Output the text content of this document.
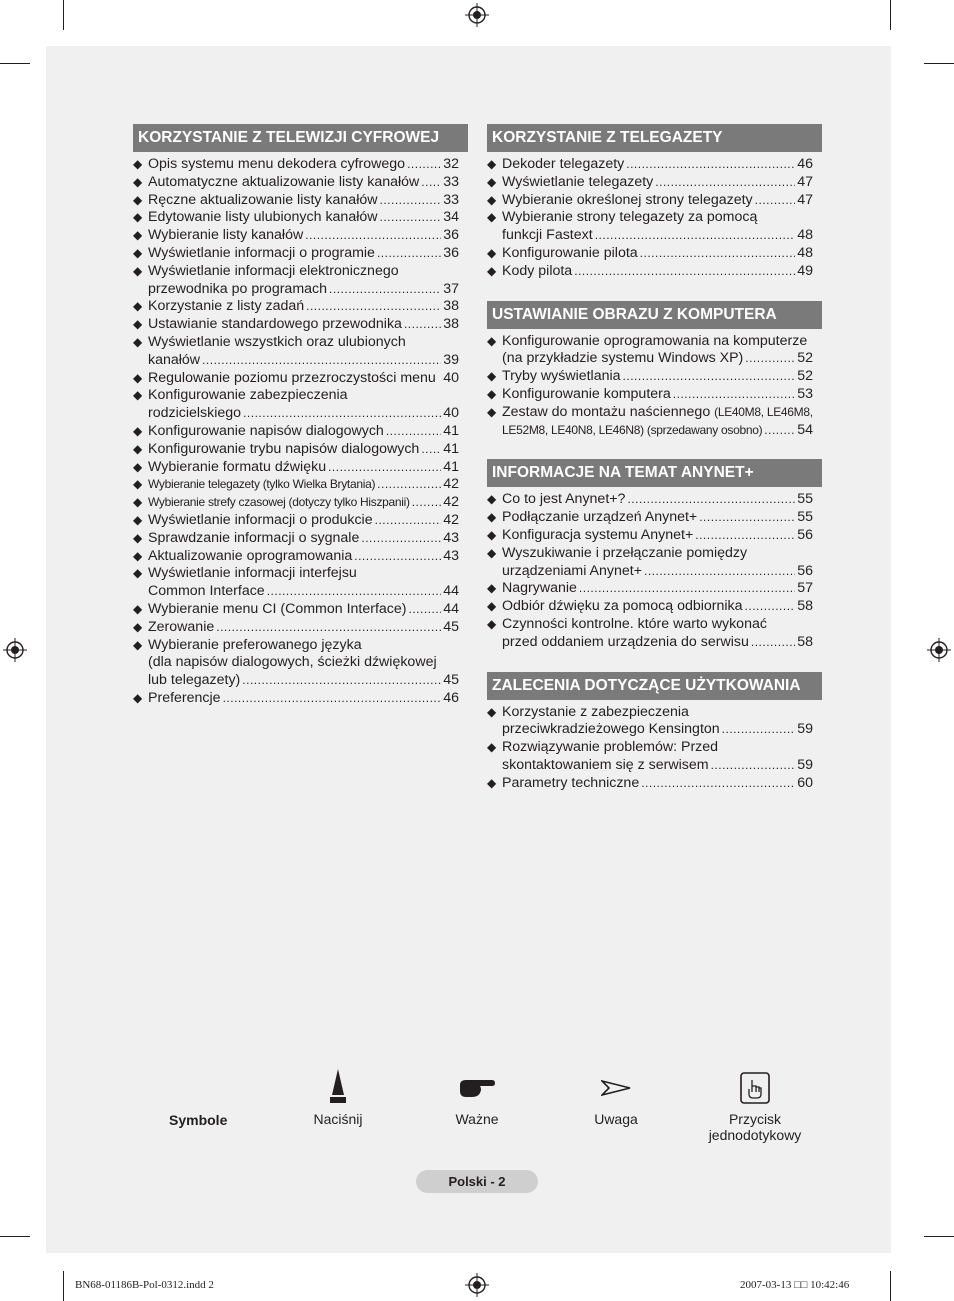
KORZYSTANIE Z TELEWIZJI CYFROWEJ
◆ Opis systemu menu dekodera cyfrowego .....	32
◆ Automatyczne aktualizowanie listy kanałów ..... 33
◆ Ręczne aktualizowanie listy kanałów .....	33
◆ Edytowanie listy ulubionych kanałów .....	34
◆ Wybieranie listy kanałów .....	36
◆ Wyświetlanie informacji o programie .....	36
◆ Wyświetlanie informacji elektronicznego
przewodnika po programach .....	37
◆ Korzystanie z listy zadań .....	38
◆ Ustawianie standardowego przewodnika .....	38
◆ Wyświetlanie wszystkich oraz ulubionych
kanałów .....	39
◆ Regulowanie poziomu przezroczystości menu 40
◆ Konfigurowanie zabezpieczenia
rodzicielskiego .....	40
◆ Konfigurowanie napisów dialogowych .....	41
◆ Konfigurowanie trybu napisów dialogowych ..... 41
◆ Wybieranie formatu dźwięku .....	41
◆ Wybieranie telegazety (tylko Wielka Brytania) .....	42
◆ Wybieranie strefy czasowej (dotyczy tylko Hiszpanii) ..... 42
◆ Wyświetlanie informacji o produkcie .....	42
◆ Sprawdzanie informacji o sygnale .....	43
◆ Aktualizowanie oprogramowania .....	43
◆ Wyświetlanie informacji interfejsu
Common Interface .....	44
◆ Wybieranie menu CI (Common Interface) .....	44
◆ Zerowanie .....	45
◆ Wybieranie preferowanego języka
(dla napisów dialogowych, ścieżki dźwiękowej
lub telegazety) .....	45
◆ Preferencje .....	46
KORZYSTANIE Z TELEGAZETY
◆ Dekoder telegazety .....	46
◆ Wyświetlanie telegazety .....	47
◆ Wybieranie określonej strony telegazety .....	47
◆ Wybieranie strony telegazety za pomocą
funkcji Fastext .....	48
◆ Konfigurowanie pilota .....	48
◆ Kody pilota .....	49
USTAWIANIE OBRAZU Z KOMPUTERA
◆ Konfigurowanie oprogramowania na komputerze
(na przykładzie systemu Windows XP) .....	52
◆ Tryby wyświetlania .....	52
◆ Konfigurowanie komputera .....	53
◆ Zestaw do montażu naściennego (LE40M8, LE46M8,
LE52M8, LE40N8, LE46N8) (sprzedawany osobno) ..... 54
INFORMACJE NA TEMAT ANYNET+
◆ Co to jest Anynet+? .....	55
◆ Podłączanie urządzeń Anynet+ .....	55
◆ Konfiguracja systemu Anynet+ .....	56
◆ Wyszukiwanie i przełączanie pomiędzy
urządzeniami Anynet+ .....	56
◆ Nagrywanie .....	57
◆ Odbiór dźwięku za pomocą odbiornika .....	58
◆ Czynności kontrolne. które warto wykonać
przed oddaniem urządzenia do serwisu .....	58
ZALECENIA DOTYCZĄCE UŻYTKOWANIA
◆ Korzystanie z zabezpieczenia
przeciwkradzieżowego Kensington .....	59
◆ Rozwiązywanie problemów: Przed
skontaktowaniem się z serwisem .....	59
◆ Parametry techniczne .....	60
Symbole	Naciśnij	Ważne	Uwaga	Przycisk
jednodotykowy
Polski - 2
BN68-01186B-Pol-0312.indd 2	2007-03-13 □□ 10:42:46
